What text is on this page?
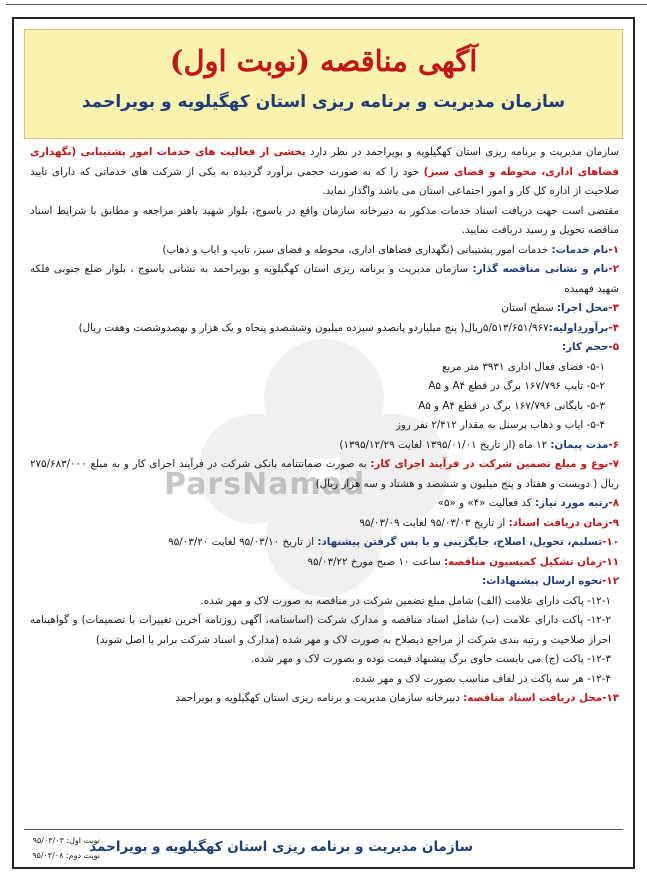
ParsNamad
آگهی مناقصه (نوبت اول)
سازمان مدیریت و برنامه ریزی استان کهگیلویه و بویراحمد

سازمان مدیریت و برنامه ریزی استان کهگیلویه و بویراحمد در نظر دارد بخشی از فعالیت های خدمات امور پشتیبانی (نگهداری فضاهای اداری، محوطه و فضای سبز) خود را که به صورت حجمی برآورد گردیده به یکی از شرکت های خدماتی که دارای تایید صلاحیت از اداره کل کار و امور اجتماعی استان می باشد واگذار نماید.

مقتضی است جهت دریافت اسناد خدمات مذکور به دبیرخانه سازمان واقع در یاسوج، بلوار شهید باهنر مراجعه و مطابق با شرایط اسناد مناقصه تحویل و رسید دریافت نمایید.

۱-نام خدمات: خدمات امور پشتیبانی (نگهداری فضاهای اداری، محوطه و فضای سبز، تایپ و ایاب و ذهاب)

۲-نام و نشانی مناقصه گذار: سازمان مدیریت و برنامه ریزی استان کهگیلویه و بویراحمد به نشانی یاسوج ، بلوار ضلع جنوبی فلکه شهید فهمیده

۳-محل اجرا: سطح استان

۴-برآوردِاولیه:۵/۵۱۳/۶۵۱/۹۶۷ریال( پنج میلیاردو پانصدو سیزده میلیون وششصدو پنجاه و یک هزار و نهصدوشصت وهفت ریال)

۵-حجم کار:

۵-۱- فضای فعال اداری ۳۹۳۱ متر مربع

۵-۲- تایپ ۱۶۷/۷۹۶ برگ در قطع A۴ و A۵

۵-۳- بایگانی ۱۶۷/۷۹۶ برگ در قطع A۴ و A۵

۵-۴- ایاب و ذهاب پرسنل به مقدار ۲/۴۱۲ نفر روز

۶-مدت پیمان: ۱۲ ماه (از تاریخ ۱۳۹۵/۰۱/۰۱ لغایت ۱۳۹۵/۱۲/۲۹)

۷-نوع و مبلغ تضمین شرکت در فرآیند اجرای کار: به صورت ضمانتنامه بانکی شرکت در فرآیند اجرای کار و به مبلغ ۲۷۵/۶۸۳/۰۰۰ ریال ( دویست و هفتاد و پنج میلیون و ششصد و هشتاد و سه هزار ریال)

۸-رتبه مورد نیاز: کد فعالیت «۴» و «۵»

۹-زمان دریافت اسناد: از تاریخ ۹۵/۰۳/۰۳ لغایت ۹۵/۰۳/۰۹

۱۰-تسلیم، تحویل، اصلاح، جایگزینی و یا پس گرفتن پیشنهاد: از تاریخ ۹۵/۰۳/۱۰ لغایت ۹۵/۰۳/۲۰

۱۱-زمان تشکیل کمیسیون مناقصه: ساعت ۱۰ صبح مورخ ۹۵/۰۳/۲۲

۱۲-نحوه ارسال پیشنهادات:

۱۲-۱- پاکت دارای علامت (الف) شامل مبلغ تضمین شرکت در مناقصه به صورت لاک و مهر شده.

۱۲-۲- پاکت دارای علامت (ب) شامل اسناد مناقصه و مدارک شرکت (اساسنامه، آگهی روزنامه آخرین تغییرات با تصمیمات) و گواهینامه احراز صلاحیت و رتبه بندی شرکت از مراجع ذیصلاح به صورت لاک و مهر شده (مدارک و اسناد شرکت برابر با اصل شوند)

۱۲-۳- پاکت (ج) می بایست حاوی برگ پیشنهاد قیمت بوده و بصورت لاک و مهر شده.

۱۲-۴- هر سه پاکت در لفاف مناسب بصورت لاک و مهر شده.

۱۳-محل دریافت اسناد مناقصه: دبیرخانه سازمان مدیریت و برنامه ریزی استان کهگیلویه و بویراحمد

سازمان مدیریت و برنامه ریزی استان کهگیلویه و بویراحمد
نوبت اول: ۹۵/۰۳/۰۳
نوبت دوم: ۹۵/۰۳/۰۸
